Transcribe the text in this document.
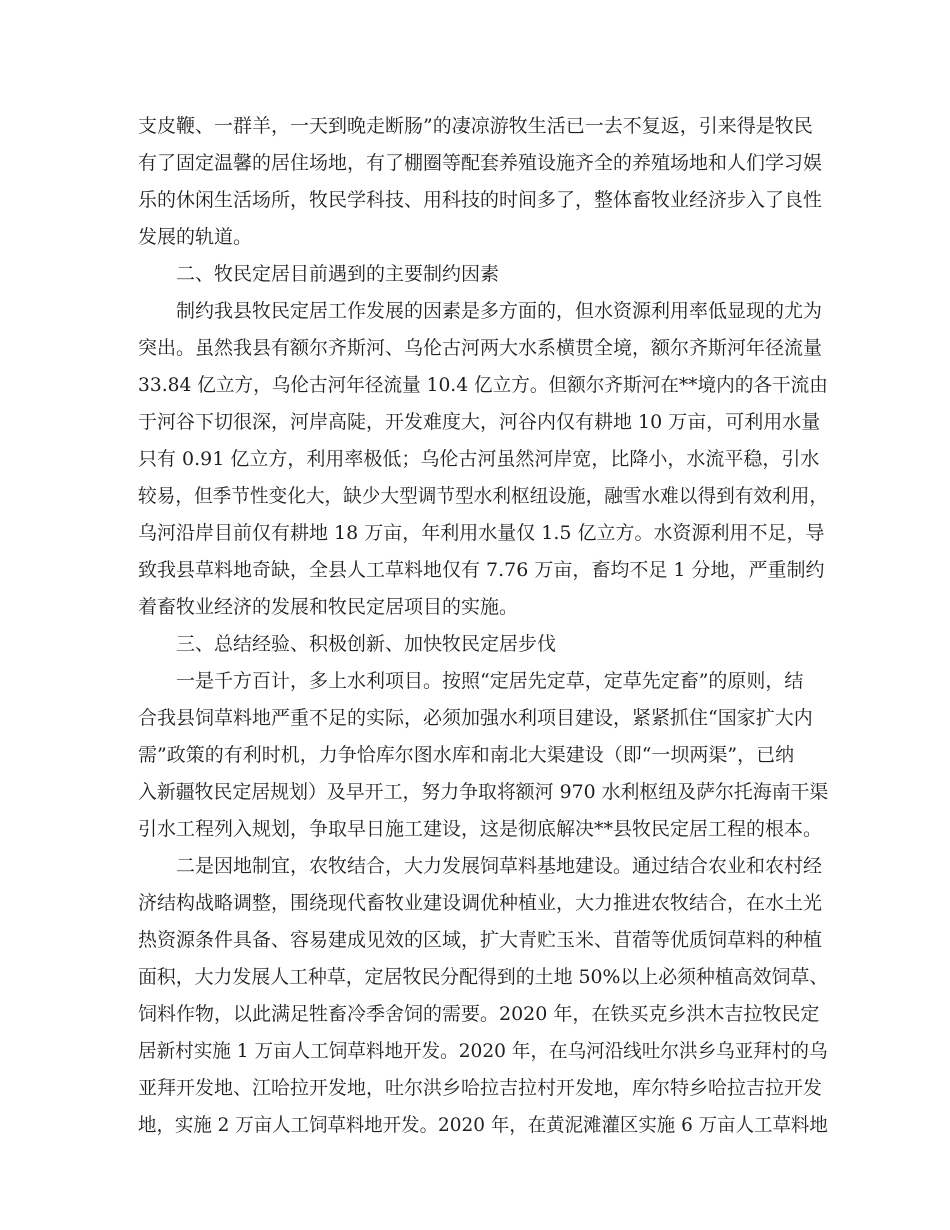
支皮鞭、一群羊，一天到晚走断肠”的凄凉游牧生活已一去不复返，引来得是牧民
有了固定温馨的居住场地，有了棚圈等配套养殖设施齐全的养殖场地和人们学习娱
乐的休闲生活场所，牧民学科技、用科技的时间多了，整体畜牧业经济步入了良性
发展的轨道。
二、牧民定居目前遇到的主要制约因素
制约我县牧民定居工作发展的因素是多方面的，但水资源利用率低显现的尤为
突出。虽然我县有额尔齐斯河、乌伦古河两大水系横贯全境，额尔齐斯河年径流量
33.84 亿立方，乌伦古河年径流量 10.4 亿立方。但额尔齐斯河在**境内的各干流由
于河谷下切很深，河岸高陡，开发难度大，河谷内仅有耕地 10 万亩，可利用水量
只有 0.91 亿立方，利用率极低；乌伦古河虽然河岸宽，比降小，水流平稳，引水
较易，但季节性变化大，缺少大型调节型水利枢纽设施，融雪水难以得到有效利用，
乌河沿岸目前仅有耕地 18 万亩，年利用水量仅 1.5 亿立方。水资源利用不足，导
致我县草料地奇缺，全县人工草料地仅有 7.76 万亩，畜均不足 1 分地，严重制约
着畜牧业经济的发展和牧民定居项目的实施。
三、总结经验、积极创新、加快牧民定居步伐
一是千方百计，多上水利项目。按照“定居先定草，定草先定畜”的原则，结
合我县饲草料地严重不足的实际，必须加强水利项目建设，紧紧抓住“国家扩大内
需”政策的有利时机，力争恰库尔图水库和南北大渠建设（即“一坝两渠”，已纳
入新疆牧民定居规划）及早开工，努力争取将额河 970 水利枢纽及萨尔托海南干渠
引水工程列入规划，争取早日施工建设，这是彻底解决**县牧民定居工程的根本。
二是因地制宜，农牧结合，大力发展饲草料基地建设。通过结合农业和农村经
济结构战略调整，围绕现代畜牧业建设调优种植业，大力推进农牧结合，在水土光
热资源条件具备、容易建成见效的区域，扩大青贮玉米、苜蓿等优质饲草料的种植
面积，大力发展人工种草，定居牧民分配得到的土地 50%以上必须种植高效饲草、
饲料作物，以此满足牲畜冷季舍饲的需要。2020 年，在铁买克乡洪木吉拉牧民定
居新村实施 1 万亩人工饲草料地开发。2020 年，在乌河沿线吐尔洪乡乌亚拜村的乌
亚拜开发地、江哈拉开发地，吐尔洪乡哈拉吉拉村开发地，库尔特乡哈拉吉拉开发
地，实施 2 万亩人工饲草料地开发。2020 年，在黄泥滩灌区实施 6 万亩人工草料地
